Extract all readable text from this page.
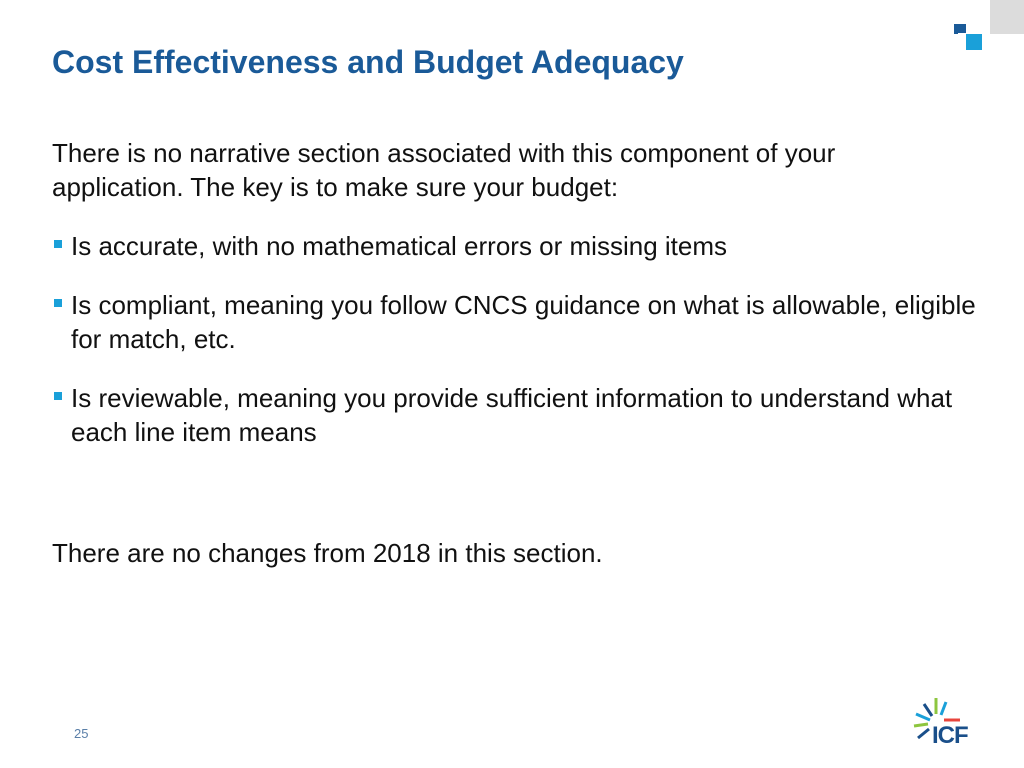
Cost Effectiveness and Budget Adequacy

There is no narrative section associated with this component of your application. The key is to make sure your budget:

Is accurate, with no mathematical errors or missing items
Is compliant, meaning you follow CNCS guidance on what is allowable, eligible for match, etc.
Is reviewable, meaning you provide sufficient information to understand what each line item means

There are no changes from 2018 in this section.

25	ICF
